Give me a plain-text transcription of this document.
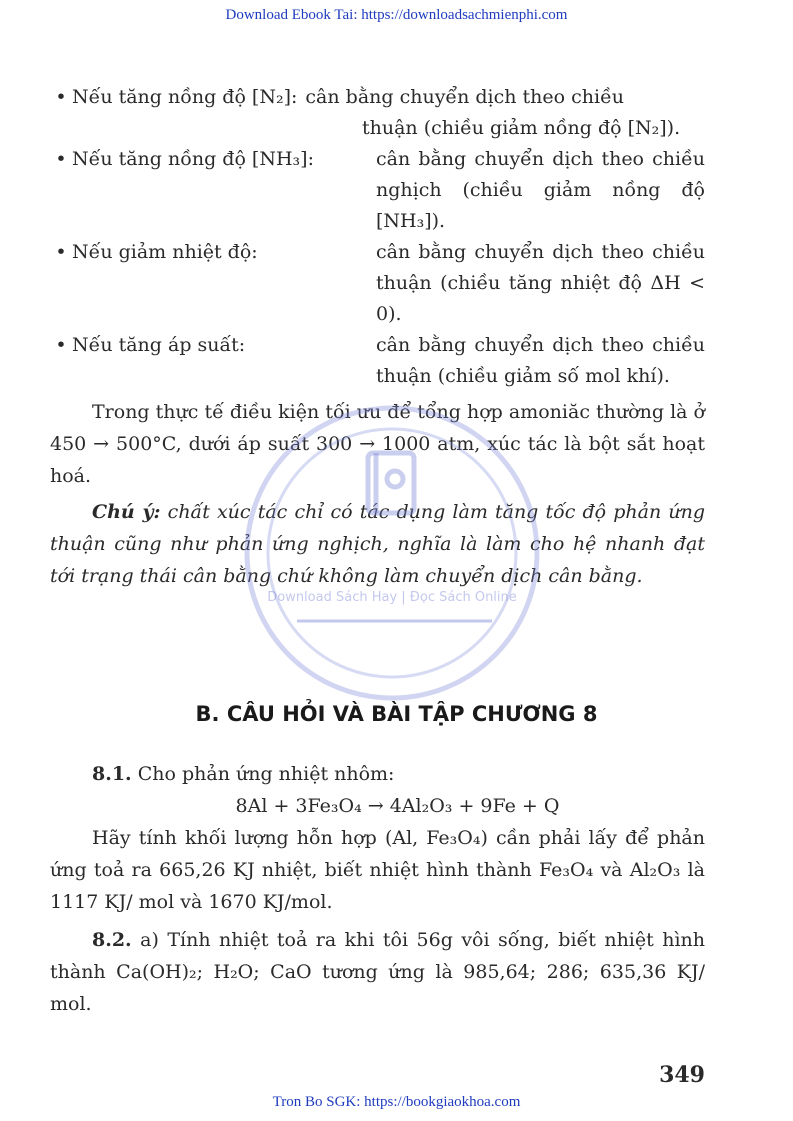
Download Ebook Tai: https://downloadsachmienphi.com
• Nếu tăng nồng độ [N₂]: cân bằng chuyển dịch theo chiều
thuận (chiều giảm nồng độ [N₂]).
• Nếu tăng nồng độ [NH₃]:	cân bằng chuyển dịch theo chiều nghịch (chiều giảm nồng độ [NH₃]).
• Nếu giảm nhiệt độ:	cân bằng chuyển dịch theo chiều thuận (chiều tăng nhiệt độ ΔH < 0).
• Nếu tăng áp suất:	cân bằng chuyển dịch theo chiều thuận (chiều giảm số mol khí).
Trong thực tế điều kiện tối ưu để tổng hợp amoniăc thường là ở 450 → 500°C, dưới áp suất 300 → 1000 atm, xúc tác là bột sắt hoạt hoá.
Chú ý: chất xúc tác chỉ có tác dụng làm tăng tốc độ phản ứng thuận cũng như phản ứng nghịch, nghĩa là làm cho hệ nhanh đạt tới trạng thái cân bằng chứ không làm chuyển dịch cân bằng.
B. CÂU HỎI VÀ BÀI TẬP CHƯƠNG 8
8.1. Cho phản ứng nhiệt nhôm:
8Al + 3Fe₃O₄ → 4Al₂O₃ + 9Fe + Q
Hãy tính khối lượng hỗn hợp (Al, Fe₃O₄) cần phải lấy để phản ứng toả ra 665,26 KJ nhiệt, biết nhiệt hình thành Fe₃O₄ và Al₂O₃ là 1117 KJ/ mol và 1670 KJ/mol.
8.2. a) Tính nhiệt toả ra khi tôi 56g vôi sống, biết nhiệt hình thành Ca(OH)₂; H₂O; CaO tương ứng là 985,64; 286; 635,36 KJ/ mol.
349
Download Sách Hay | Đọc Sách Online
Tron Bo SGK: https://bookgiaokhoa.com
